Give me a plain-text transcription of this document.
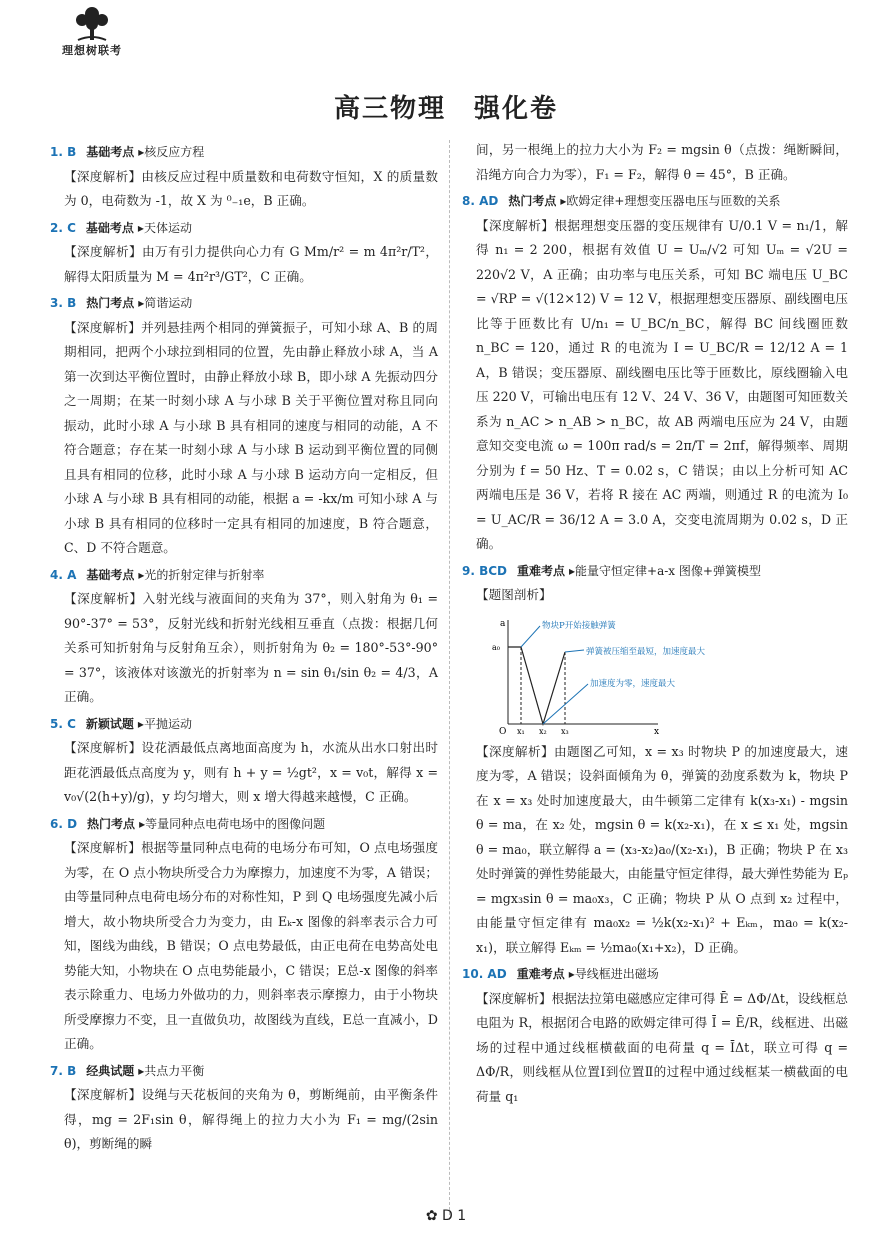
理想树联考
高三物理　强化卷
1. B 基础考点 ▸核反应方程

【深度解析】由核反应过程中质量数和电荷数守恒知，X 的质量数为 0，电荷数为 -1，故 X 为 ⁰₋₁e，B 正确。

2. C 基础考点 ▸天体运动

【深度解析】由万有引力提供向心力有 G Mm/r² = m 4π²r/T²，解得太阳质量为 M = 4π²r³/GT²，C 正确。

3. B 热门考点 ▸简谐运动

【深度解析】并列悬挂两个相同的弹簧振子，可知小球 A、B 的周期相同，把两个小球拉到相同的位置，先由静止释放小球 A，当 A 第一次到达平衡位置时，由静止释放小球 B，即小球 A 先振动四分之一周期；在某一时刻小球 A 与小球 B 关于平衡位置对称且同向振动，此时小球 A 与小球 B 具有相同的速度与相同的动能，A 不符合题意；存在某一时刻小球 A 与小球 B 运动到平衡位置的同侧且具有相同的位移，此时小球 A 与小球 B 运动方向一定相反，但小球 A 与小球 B 具有相同的动能，根据 a = -kx/m 可知小球 A 与小球 B 具有相同的位移时一定具有相同的加速度，B 符合题意，C、D 不符合题意。

4. A 基础考点 ▸光的折射定律与折射率

【深度解析】入射光线与液面间的夹角为 37°，则入射角为 θ₁ = 90°-37° = 53°，反射光线和折射光线相互垂直（点拨：根据几何关系可知折射角与反射角互余），则折射角为 θ₂ = 180°-53°-90° = 37°，该液体对该激光的折射率为 n = sin θ₁/sin θ₂ = 4/3，A 正确。

5. C 新颖试题 ▸平抛运动

【深度解析】设花洒最低点离地面高度为 h，水流从出水口射出时距花洒最低点高度为 y，则有 h + y = ½gt²，x = v₀t，解得 x = v₀√(2(h+y)/g)，y 均匀增大，则 x 增大得越来越慢，C 正确。

6. D 热门考点 ▸等量同种点电荷电场中的图像问题

【深度解析】根据等量同种点电荷的电场分布可知，O 点电场强度为零，在 O 点小物块所受合力为摩擦力，加速度不为零，A 错误；由等量同种点电荷电场分布的对称性知，P 到 Q 电场强度先减小后增大，故小物块所受合力为变力，由 Eₖ-x 图像的斜率表示合力可知，图线为曲线，B 错误；O 点电势最低，由正电荷在电势高处电势能大知，小物块在 O 点电势能最小，C 错误；E总-x 图像的斜率表示除重力、电场力外做功的力，则斜率表示摩擦力，由于小物块所受摩擦力不变，且一直做负功，故图线为直线，E总一直减小，D 正确。

7. B 经典试题 ▸共点力平衡

【深度解析】设绳与天花板间的夹角为 θ，剪断绳前，由平衡条件得，mg = 2F₁sin θ，解得绳上的拉力大小为 F₁ = mg/(2sin θ)，剪断绳的瞬

间，另一根绳上的拉力大小为 F₂ = mgsin θ（点拨：绳断瞬间，沿绳方向合力为零），F₁ = F₂，解得 θ = 45°，B 正确。

8. AD 热门考点 ▸欧姆定律+理想变压器电压与匝数的关系

【深度解析】根据理想变压器的变压规律有 U/0.1 V = n₁/1，解得 n₁ = 2 200，根据有效值 U = Uₘ/√2 可知 Uₘ = √2U = 220√2 V，A 正确；由功率与电压关系，可知 BC 端电压 U_BC = √RP = √(12×12) V = 12 V，根据理想变压器原、副线圈电压比等于匝数比有 U/n₁ = U_BC/n_BC，解得 BC 间线圈匝数 n_BC = 120，通过 R 的电流为 I = U_BC/R = 12/12 A = 1 A，B 错误；变压器原、副线圈电压比等于匝数比，原线圈输入电压 220 V，可输出电压有 12 V、24 V、36 V，由题图可知匝数关系为 n_AC > n_AB > n_BC，故 AB 两端电压应为 24 V，由题意知交变电流 ω = 100π rad/s = 2π/T = 2πf，解得频率、周期分别为 f = 50 Hz、T = 0.02 s，C 错误；由以上分析可知 AC 两端电压是 36 V，若将 R 接在 AC 两端，则通过 R 的电流为 I₀ = U_AC/R = 36/12 A = 3.0 A，交变电流周期为 0.02 s，D 正确。

9. BCD 重难考点 ▸能量守恒定律+a-x 图像+弹簧模型

【题图剖析】

a
a₀
O x₁ x₂ x₃	x
物块P开始接触弹簧
弹簧被压缩至最短，加速度最大
加速度为零，速度最大

【深度解析】由题图乙可知，x = x₃ 时物块 P 的加速度最大，速度为零，A 错误；设斜面倾角为 θ，弹簧的劲度系数为 k，物块 P 在 x = x₃ 处时加速度最大，由牛顿第二定律有 k(x₃-x₁) - mgsin θ = ma，在 x₂ 处，mgsin θ = k(x₂-x₁)，在 x ≤ x₁ 处，mgsin θ = ma₀，联立解得 a = (x₃-x₂)a₀/(x₂-x₁)，B 正确；物块 P 在 x₃ 处时弹簧的弹性势能最大，由能量守恒定律得，最大弹性势能为 Eₚ = mgx₃sin θ = ma₀x₃，C 正确；物块 P 从 O 点到 x₂ 过程中，由能量守恒定律有 ma₀x₂ = ½k(x₂-x₁)² + Eₖₘ，ma₀ = k(x₂-x₁)，联立解得 Eₖₘ = ½ma₀(x₁+x₂)，D 正确。

10. AD 重难考点 ▸导线框进出磁场

【深度解析】根据法拉第电磁感应定律可得 Ē = ΔΦ/Δt，设线框总电阻为 R，根据闭合电路的欧姆定律可得 Ī = Ē/R，线框进、出磁场的过程中通过线框横截面的电荷量 q = ĪΔt，联立可得 q = ΔΦ/R，则线框从位置Ⅰ到位置Ⅱ的过程中通过线框某一横截面的电荷量 q₁

✿ D 1
